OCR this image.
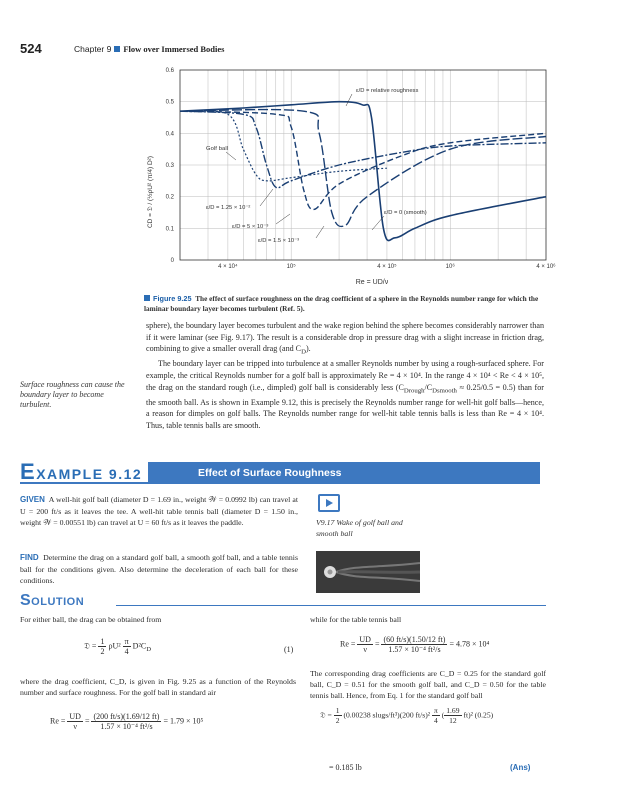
524	Chapter 9 Flow over Immersed Bodies
0
0.1
0.2
0.3
0.4
0.5
0.6
4 × 10⁴	10⁵	4 × 10⁵	10⁶	4 × 10⁶
CD = 𝔇 / (½ρU² (π/4) D²)
Re = UD/ν
ε/D = relative roughness
Golf ball
ε/D = 1.25 × 10⁻²
ε/D = 5 × 10⁻³
ε/D = 1.5 × 10⁻³
ε/D = 0 (smooth)
Figure 9.25 The effect of surface roughness on the drag coefficient of a sphere in the Reynolds number range for which the laminar boundary layer becomes turbulent (Ref. 5).

sphere), the boundary layer becomes turbulent and the wake region behind the sphere becomes considerably narrower than if it were laminar (see Fig. 9.17). The result is a considerable drop in pressure drag with a slight increase in friction drag, combining to give a smaller overall drag (and $C_D$).

The boundary layer can be tripped into turbulence at a smaller Reynolds number by using a rough-surfaced sphere. For example, the critical Reynolds number for a golf ball is approximately Re = 4 × 10⁴. In the range 4 × 10⁴ < Re < 4 × 10⁵, the drag on the standard rough (i.e., dimpled) golf ball is considerably less $(C_{Drough}/C_{Dsmooth} \approx 0.25/0.5 = 0.5)$ than for the smooth ball. As is shown in Example 9.12, this is precisely the Reynolds number range for well-hit golf balls—hence, a reason for dimples on golf balls. The Reynolds number range for well-hit table tennis balls is less than Re = 4 × 10⁴. Thus, table tennis balls are smooth.

Surface roughness can cause the boundary layer to become turbulent.
EXAMPLE 9.12	Effect of Surface Roughness
GIVEN A well-hit golf ball (diameter D = 1.69 in., weight 𝒲 = 0.0992 lb) can travel at U = 200 ft/s as it leaves the tee. A well-hit table tennis ball (diameter D = 1.50 in., weight 𝒲 = 0.00551 lb) can travel at U = 60 ft/s as it leaves the paddle.
FIND Determine the drag on a standard golf ball, a smooth golf ball, and a table tennis ball for the conditions given. Also determine the deceleration of each ball for these conditions.
V9.17 Wake of golf ball and smooth ball
SOLUTION
For either ball, the drag can be obtained from
𝔇 = $\frac{1}{2} \rho U^2 \frac{\pi}{4} D^2C_D$	(1)
where the drag coefficient, C_D, is given in Fig. 9.25 as a function of the Reynolds number and surface roughness. For the golf ball in standard air
$Re = \frac{UD}{\nu} = \frac{(200 ft/s)(1.69/12 ft)}{\text{1.57 × 10⁻⁴ ft²/s}} = 1.79 \times 10^5$
while for the table tennis ball
$Re = \frac{UD}{\nu} = \frac{(60 ft/s)(1.50/12 ft)}{\text{1.57 × 10⁻⁴ ft²/s}} = 4.78 \times 10^4$
The corresponding drag coefficients are C_D = 0.25 for the standard golf ball, C_D = 0.51 for the smooth golf ball, and C_D = 0.50 for the table tennis ball. Hence, from Eq. 1 for the standard golf ball
𝔇 = $\frac{1}{2} (0.00238$ slugs/ft³)(200 $ft/s)^2 \frac{\pi}{4}$ ( $\frac{1.69}{12} ft)^2$ (0.25)
= 0.185 lb	(Ans)
